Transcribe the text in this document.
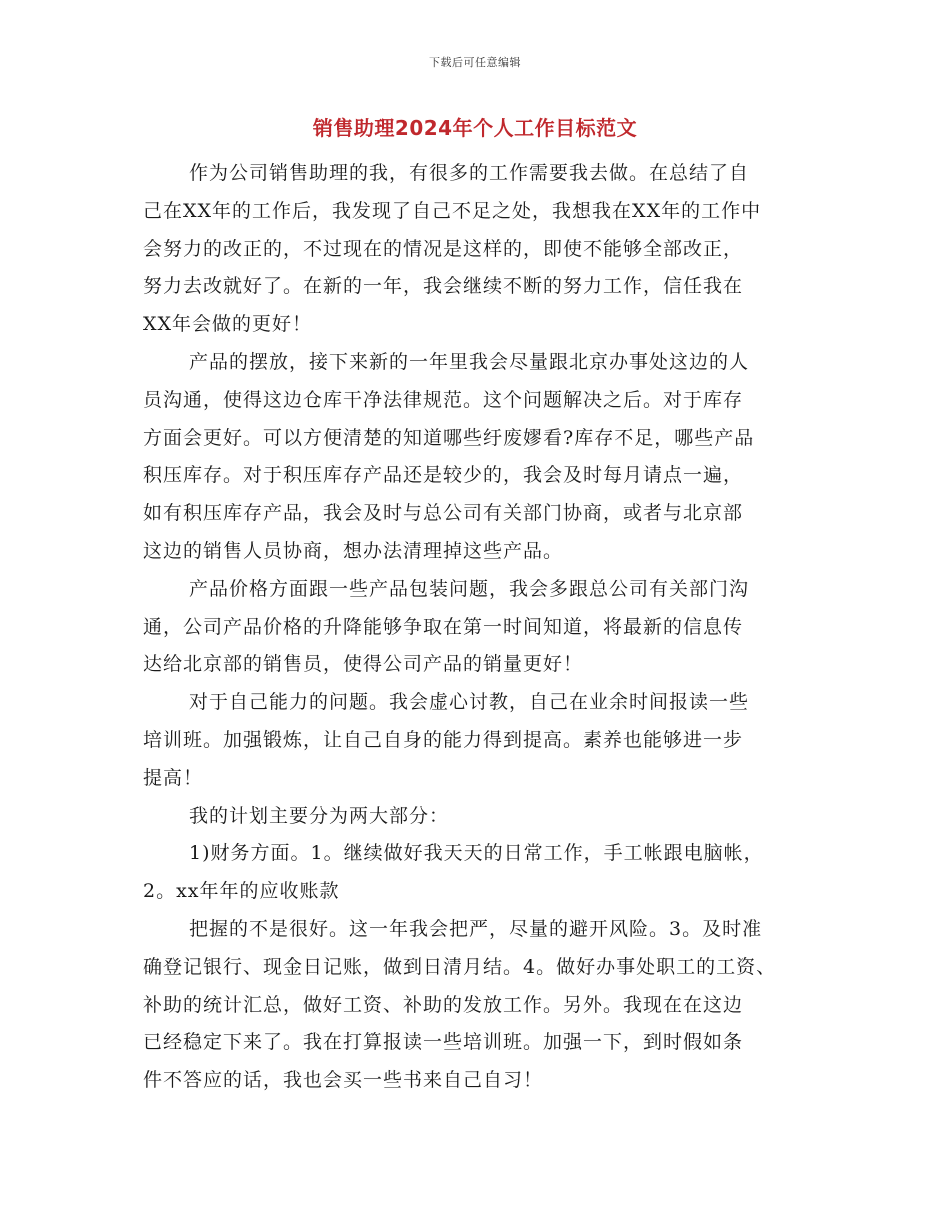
下载后可任意编辑
销售助理2024年个人工作目标范文
作为公司销售助理的我，有很多的工作需要我去做。在总结了自
己在XX年的工作后，我发现了自己不足之处，我想我在XX年的工作中
会努力的改正的，不过现在的情况是这样的，即使不能够全部改正，
努力去改就好了。在新的一年，我会继续不断的努力工作，信任我在
XX年会做的更好！
产品的摆放，接下来新的一年里我会尽量跟北京办事处这边的人
员沟通，使得这边仓库干净法律规范。这个问题解决之后。对于库存
方面会更好。可以方便清楚的知道哪些纡废嫪看?库存不足，哪些产品
积压库存。对于积压库存产品还是较少的，我会及时每月请点一遍，
如有积压库存产品，我会及时与总公司有关部门协商，或者与北京部
这边的销售人员协商，想办法清理掉这些产品。
产品价格方面跟一些产品包装问题，我会多跟总公司有关部门沟
通，公司产品价格的升降能够争取在第一时间知道，将最新的信息传
达给北京部的销售员，使得公司产品的销量更好！
对于自己能力的问题。我会虚心讨教，自己在业余时间报读一些
培训班。加强锻炼，让自己自身的能力得到提高。素养也能够进一步
提高！
我的计划主要分为两大部分：
1)财务方面。1。继续做好我天天的日常工作，手工帐跟电脑帐，
2。xx年年的应收账款
把握的不是很好。这一年我会把严，尽量的避开风险。3。及时准
确登记银行、现金日记账，做到日清月结。4。做好办事处职工的工资、
补助的统计汇总，做好工资、补助的发放工作。另外。我现在在这边
已经稳定下来了。我在打算报读一些培训班。加强一下，到时假如条
件不答应的话，我也会买一些书来自己自习！
